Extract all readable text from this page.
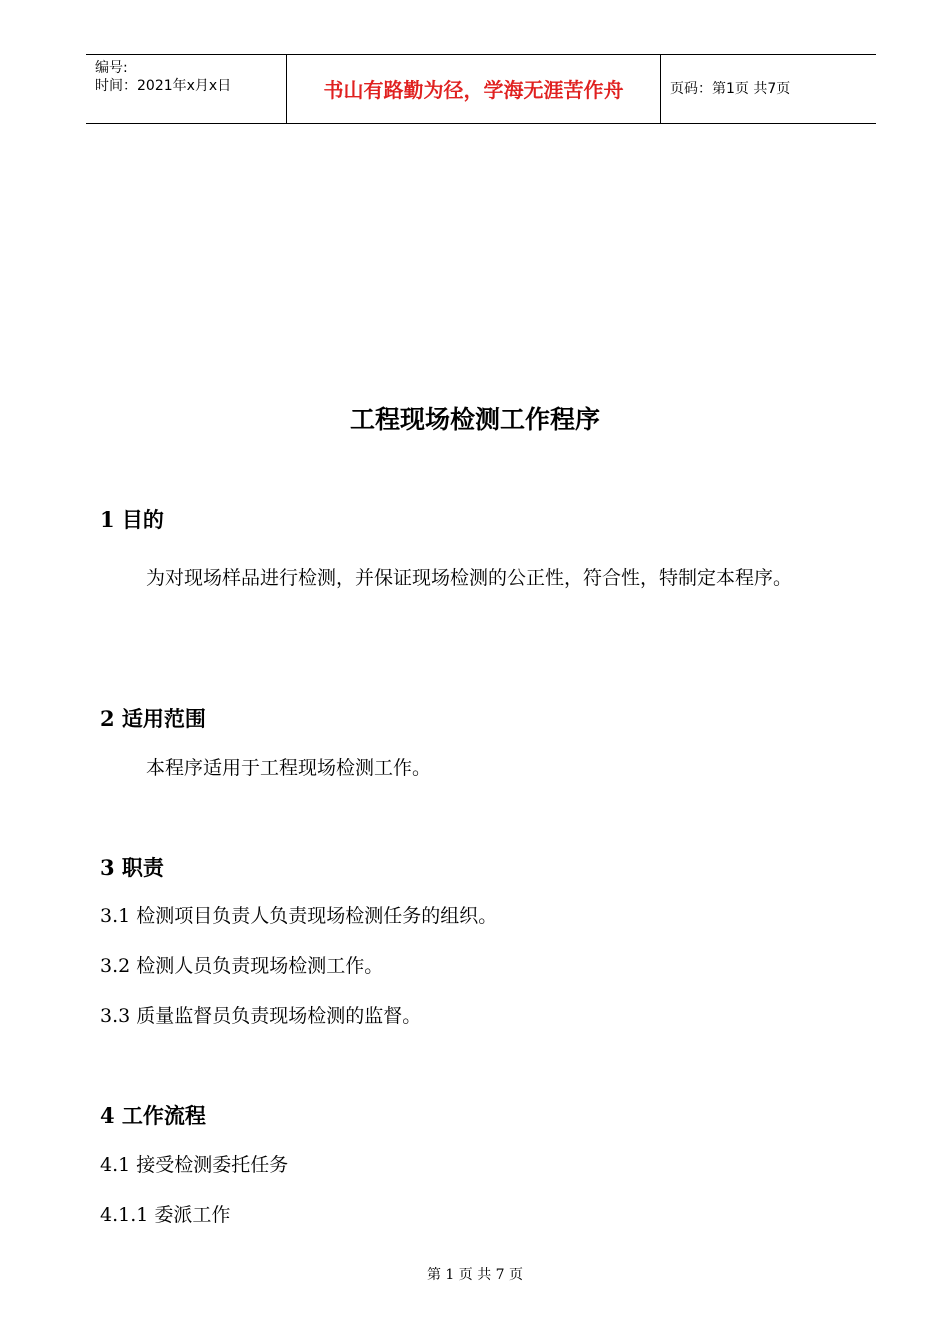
编号:
时间：2021年x月x日	书山有路勤为径，学海无涯苦作舟	页码：第1页 共7页
工程现场检测工作程序
1 目的

为对现场样品进行检测，并保证现场检测的公正性，符合性，特制定本程序。

2 适用范围
本程序适用于工程现场检测工作。
3 职责
3.1 检测项目负责人负责现场检测任务的组织。
3.2 检测人员负责现场检测工作。
3.3 质量监督员负责现场检测的监督。
4 工作流程
4.1 接受检测委托任务
4.1.1 委派工作
第 1 页 共 7 页
